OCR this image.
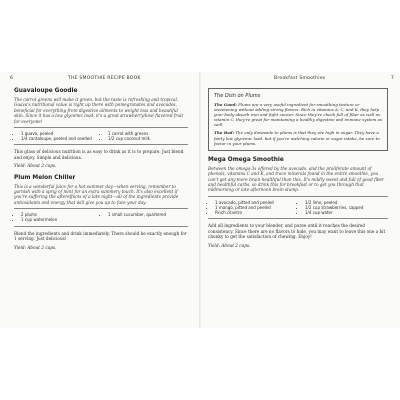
6	THE SMOOTHIE RECIPE BOOK
Guavaloupe Goodie

The carrot greens will make it green, but the taste is refreshing and tropical. Guava's nutritional value is right up there with pomegranates and avocados, beneficial for everything from digestive ailments to weight loss and beautiful skin. Since it has a low glycemic load, it's a great strawberry/kiwi-flavored fruit for everyone!

• 1 guava, peeled
• 1/4 cantaloupe, peeled and seeded
• 1 carrot with greens
• 1/2 cup coconut milk

This glass of delicious nutrition is as easy to drink as it is to prepare. Just blend and enjoy. Simple and delicious.

Yield: About 2 cups.

Plum Melon Chiller

This is a wonderful juice for a hot summer day—when serving, remember to garnish with a sprig of mint for an extra summery touch. It's also excellent if you're suffering the aftereffects of a late night—all of the ingredients provide antioxidants and energy that will give you up to face your day.

• 2 plums
• 1 cup watermelon
• 1 small cucumber, quartered

Blend the ingredients and drink immediately. There should be exactly enough for 1 serving. Just delicious!

Yield: About 2 cups.

Breakfast Smoothies	7
The Dish on Plums

The Good: Plums are a very useful ingredient for smoothing texture or sweetening without adding strong flavors. Rich in vitamins A, C, and K, they help your body absorb iron and fight cancer. Since they're chock full of fiber as well as vitamin C, they're great for maintaining a healthy digestive and immune system as well.

The Bad: The only downside to plums is that they are high in sugar. They have a fairly low glycemic load, but if you're watching calorie or sugar intake, be sure to factor in your plums.

Mega Omega Smoothie

Between the omega-3s offered by the avocado, and the proliferate amount of phenols, vitamins C and K, and trace minerals found in the entire smoothie, you can't get any more brain-healthful than this. It's mildly sweet and full of good fiber and healthful carbs, so drink this for breakfast or to get you through that midmorning or late-afternoon brain slump.

• 1 avocado, pitted and peeled
• 1 mango, pitted and peeled
• Pinch cilantro
• 1/2 lime, peeled
• 1/2 cup strawberries, capped
• 1/4 cup water

Add all ingredients to your blender, and puree until it reaches the desired consistency. Since there are no flavors to hide, you may want to leave this one a bit chunky to get the satisfaction of chewing. Enjoy!

Yield: About 2 cups.
